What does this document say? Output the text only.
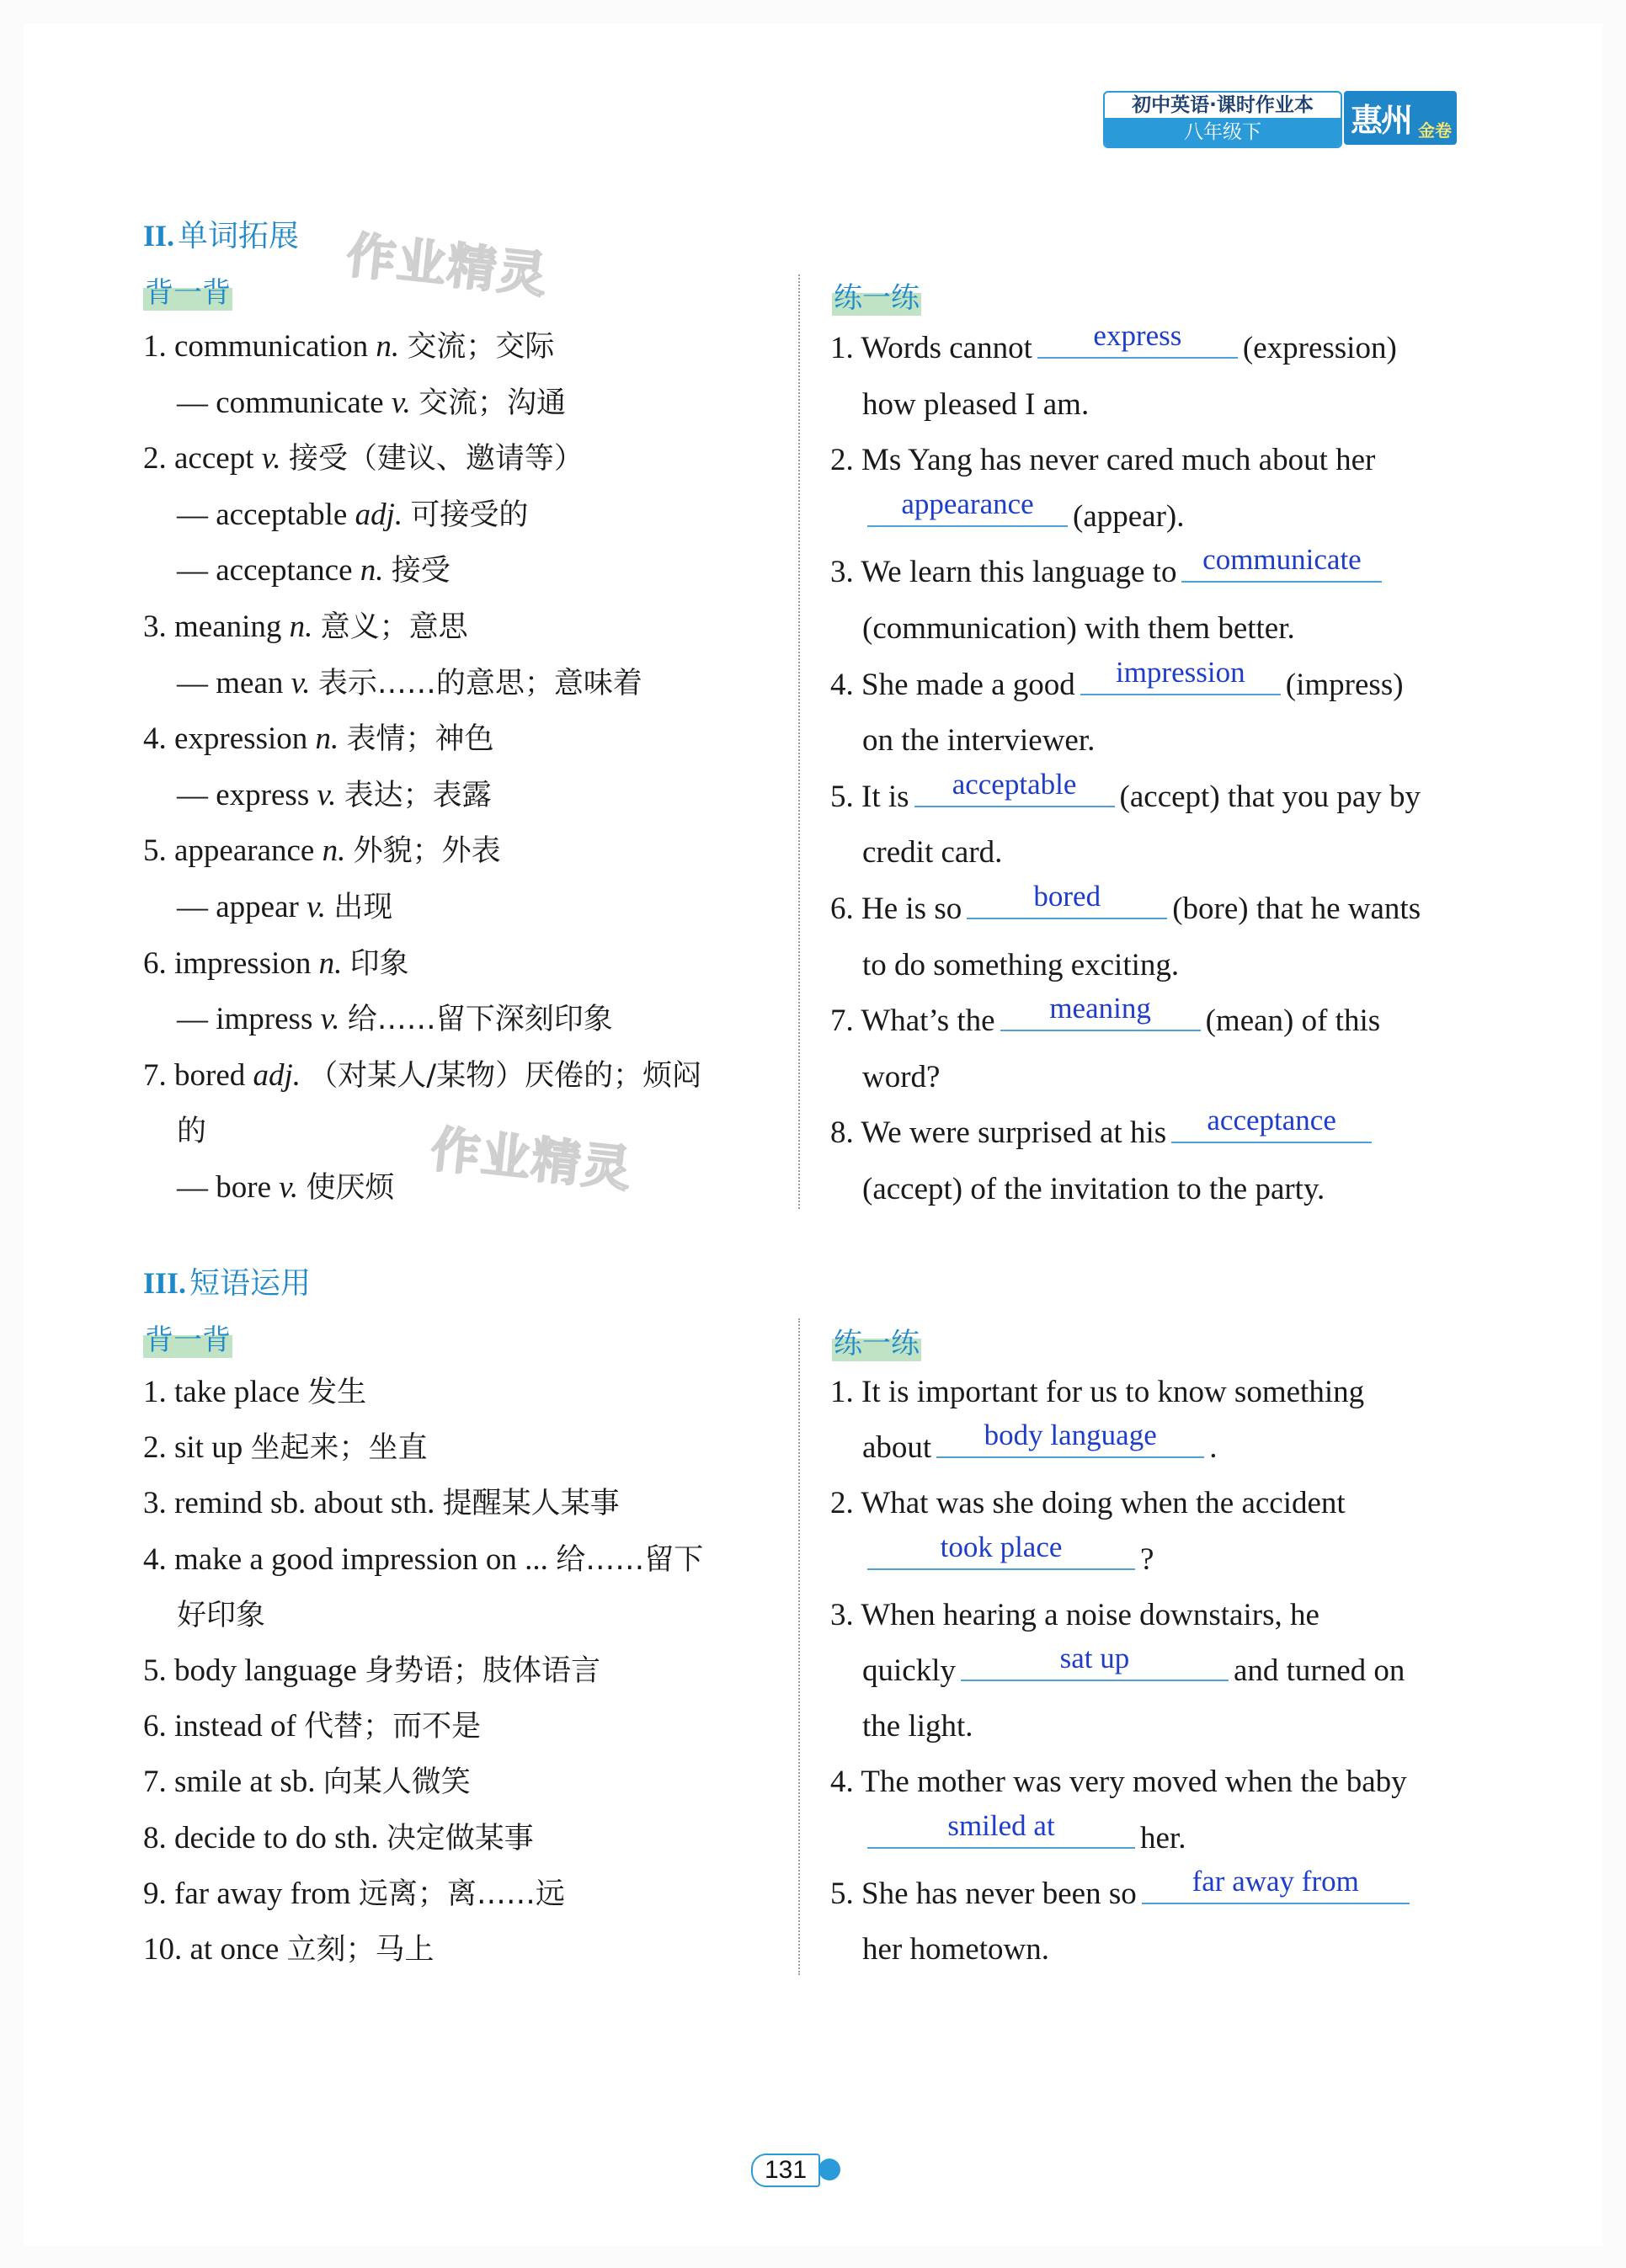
初中英语·课时作业本
八年级下	惠州 金卷
作业精灵
作业精灵
II. 单词拓展
背一背	练一练
1. communication n. 交流；交际
— communicate v. 交流；沟通
2. accept v. 接受（建议、邀请等）
— acceptable adj. 可接受的
— acceptance n. 接受
3. meaning n. 意义；意思
— mean v. 表示……的意思；意味着
4. expression n. 表情；神色
— express v. 表达；表露
5. appearance n. 外貌；外表
— appear v. 出现
6. impression n. 印象
— impress v. 给……留下深刻印象
7. bored adj. （对某人/某物）厌倦的；烦闷
的
— bore v. 使厌烦
1. Words cannot express (expression)
how pleased I am.
2. Ms Yang has never cared much about her
appearance (appear).
3. We learn this language to communicate
(communication) with them better.
4. She made a good impression (impress)
on the interviewer.
5. It is acceptable (accept) that you pay by
credit card.
6. He is so bored (bore) that he wants
to do something exciting.
7. What’s the meaning (mean) of this
word?
8. We were surprised at his acceptance
(accept) of the invitation to the party.
III. 短语运用
背一背	练一练
1. take place 发生
2. sit up 坐起来；坐直
3. remind sb. about sth. 提醒某人某事
4. make a good impression on ... 给……留下
好印象
5. body language 身势语；肢体语言
6. instead of 代替；而不是
7. smile at sb. 向某人微笑
8. decide to do sth. 决定做某事
9. far away from 远离；离……远
10. at once 立刻；马上
1. It is important for us to know something
about body language .
2. What was she doing when the accident
took place	?
3. When hearing a noise downstairs, he
quickly	sat up	and turned on
the light.
4. The mother was very moved when the baby
smiled at	her.
5. She has never been so far away from
her hometown.
131
